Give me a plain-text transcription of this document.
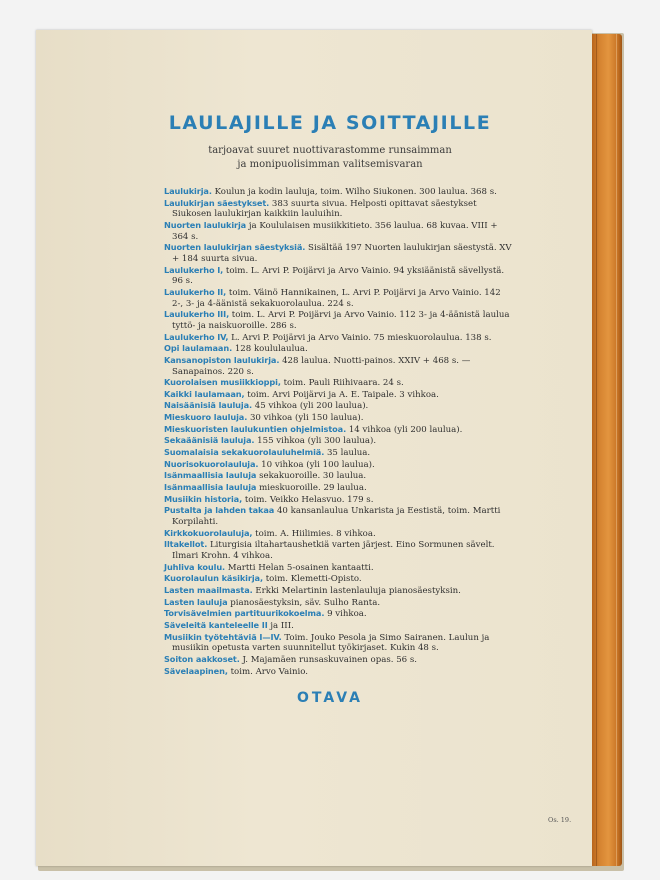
LAULAJILLE JA SOITTAJILLE
tarjoavat suuret nuottivarastomme runsaimman
ja monipuolisimman valitsemisvaran

Laulukirja. Koulun ja kodin lauluja, toim. Wilho Siukonen. 300 laulua. 368 s.

Laulukirjan säestykset. 383 suurta sivua. Helposti opittavat säestykset Siukosen laulukirjan kaikkiin lauluihin.

Nuorten laulukirja ja Koululaisen musiikkitieto. 356 laulua. 68 kuvaa. VIII + 364 s.

Nuorten laulukirjan säestyksiä. Sisältää 197 Nuorten laulukirjan säestystä. XV + 184 suurta sivua.

Laulukerho I, toim. L. Arvi P. Poijärvi ja Arvo Vainio. 94 yksiäänistä sävellystä. 96 s.

Laulukerho II, toim. Väinö Hannikainen, L. Arvi P. Poijärvi ja Arvo Vainio. 142 2-, 3- ja 4-äänistä sekakuorolaulua. 224 s.

Laulukerho III, toim. L. Arvi P. Poijärvi ja Arvo Vainio. 112 3- ja 4-äänistä laulua tyttö- ja naiskuoroille. 286 s.

Laulukerho IV, L. Arvi P. Poijärvi ja Arvo Vainio. 75 mieskuorolaulua. 138 s.

Opi laulamaan. 128 koululaulua.

Kansanopiston laulukirja. 428 laulua. Nuotti-painos. XXIV + 468 s. — Sanapainos. 220 s.

Kuorolaisen musiikkioppi, toim. Pauli Riihivaara. 24 s.

Kaikki laulamaan, toim. Arvi Poijärvi ja A. E. Taipale. 3 vihkoa.

Naisäänisiä lauluja. 45 vihkoa (yli 200 laulua).

Mieskuoro lauluja. 30 vihkoa (yli 150 laulua).

Mieskuoristen laulukuntien ohjelmistoa. 14 vihkoa (yli 200 laulua).

Sekaäänisiä lauluja. 155 vihkoa (yli 300 laulua).

Suomalaisia sekakuorolauluhelmiä. 35 laulua.

Nuorisokuorolauluja. 10 vihkoa (yli 100 laulua).

Isänmaallisia lauluja sekakuoroille. 30 laulua.

Isänmaallisia lauluja mieskuoroille. 29 laulua.

Musiikin historia, toim. Veikko Helasvuo. 179 s.

Pustalta ja lahden takaa 40 kansanlaulua Unkarista ja Eestistä, toim. Martti Korpilahti.

Kirkkokuorolauluja, toim. A. Hiilimies. 8 vihkoa.

Iltakellot. Liturgisia iltahartaushetkiä varten järjest. Eino Sormunen sävelt. Ilmari Krohn. 4 vihkoa.

Juhliva koulu. Martti Helan 5-osainen kantaatti.

Kuorolaulun käsikirja, toim. Klemetti-Opisto.

Lasten maailmasta. Erkki Melartinin lastenlauluja pianosäestyksin.

Lasten lauluja pianosäestyksin, säv. Sulho Ranta.

Torvisävelmien partituurikokoelma. 9 vihkoa.

Säveleitä kanteleelle II ja III.

Musiikin työtehtäviä I—IV. Toim. Jouko Pesola ja Simo Sairanen. Laulun ja musiikin opetusta varten suunnitellut työkirjaset. Kukin 48 s.

Soiton aakkoset. J. Majamäen runsaskuvainen opas. 56 s.

Sävelaapinen, toim. Arvo Vainio.

OTAVA
Os. 19.
